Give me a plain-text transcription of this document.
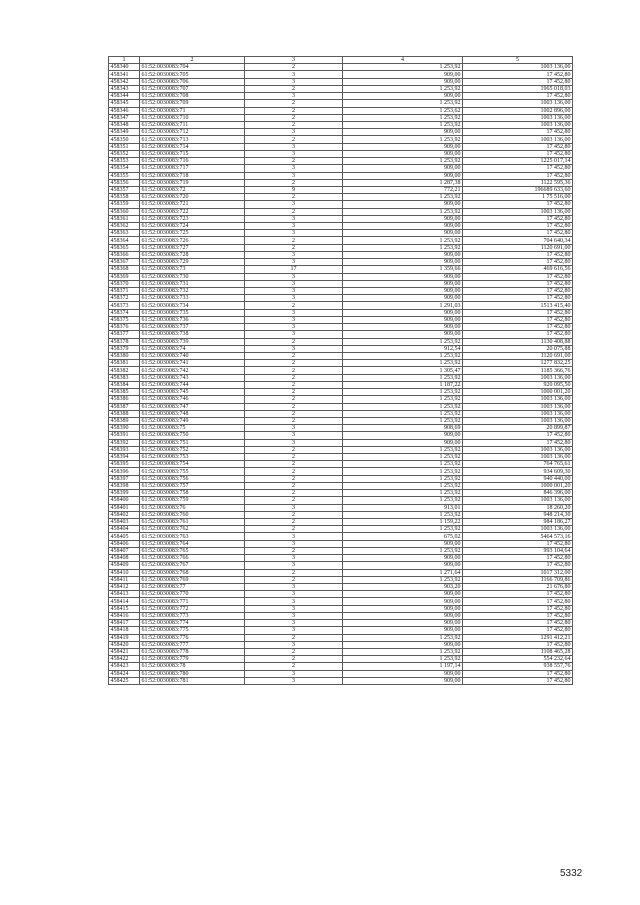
1	2	3	4	5
458340	61:52:0030083:704	2	1 253,92	1003 136,00
458341	61:52:0030083:705	3	909,00	17 452,80
458342	61:52:0030083:706	3	909,00	17 452,80
458343	61:52:0030083:707	2	1 253,92	1965 018,03
458344	61:52:0030083:708	3	909,00	17 452,80
458345	61:52:0030083:709	2	1 253,92	1003 136,00
458346	61:52:0030083:71	2	1 253,62	1002 896,00
458347	61:52:0030083:710	2	1 253,92	1003 136,00
458348	61:52:0030083:711	2	1 253,92	1003 136,00
458349	61:52:0030083:712	3	909,00	17 452,80
458350	61:52:0030083:713	2	1 253,92	1003 136,00
458351	61:52:0030083:714	3	909,00	17 452,80
458352	61:52:0030083:715	3	909,00	17 452,80
458353	61:52:0030083:716	2	1 253,92	1225 017,14
458354	61:52:0030083:717	3	909,00	17 452,80
458355	61:52:0030083:718	3	909,00	17 452,80
458356	61:52:0030083:719	2	1 287,38	1122 595,36
458357	61:52:0030083:72	9	772,21	196689 633,60
458358	61:52:0030083:720	2	1 253,92	1 75 516,00
458359	61:52:0030083:721	3	909,00	17 452,80
458360	61:52:0030083:722	2	1 253,92	1003 136,00
458361	61:52:0030083:723	3	909,00	17 452,80
458362	61:52:0030083:724	3	909,00	17 452,80
458363	61:52:0030083:725	3	909,00	17 452,80
458364	61:52:0030083:726	2	1 253,92	704 640,34
458365	61:52:0030083:727	2	1 253,92	1120 691,00
458366	61:52:0030083:728	3	909,00	17 452,80
458367	61:52:0030083:729	3	909,00	17 452,80
458368	61:52:0030083:73	17	1 359,66	469 616,56
458369	61:52:0030083:730	3	909,00	17 452,80
458370	61:52:0030083:731	3	909,00	17 452,80
458371	61:52:0030083:732	3	909,00	17 452,80
458372	61:52:0030083:733	3	909,00	17 452,80
458373	61:52:0030083:734	2	1 291,03	1513 415,40
458374	61:52:0030083:735	3	909,00	17 452,80
458375	61:52:0030083:736	3	909,00	17 452,80
458376	61:52:0030083:737	3	909,00	17 452,80
458377	61:52:0030083:738	3	909,00	17 452,80
458378	61:52:0030083:739	2	1 253,92	1130 408,88
458379	61:52:0030083:74	3	912,54	20 075,88
458380	61:52:0030083:740	2	1 253,92	1120 691,00
458381	61:52:0030083:741	2	1 253,92	1277 832,25
458382	61:52:0030083:742	2	1 305,47	1185 366,76
458383	61:52:0030083:743	2	1 253,92	1003 136,00
458384	61:52:0030083:744	2	1 187,22	920 095,50
458385	61:52:0030083:745	2	1 253,92	1000 001,20
458386	61:52:0030083:746	2	1 253,92	1003 136,00
458387	61:52:0030083:747	2	1 253,92	1003 136,00
458388	61:52:0030083:748	2	1 253,92	1003 136,00
458389	61:52:0030083:749	2	1 253,92	1003 136,00
458390	61:52:0030083:75	3	908,69	20 899,87
458391	61:52:0030083:750	3	909,00	17 452,80
458392	61:52:0030083:751	3	909,00	17 452,80
458393	61:52:0030083:752	2	1 253,92	1003 136,00
458394	61:52:0030083:753	2	1 253,92	1003 136,00
458395	61:52:0030083:754	2	1 253,92	764 765,61
458396	61:52:0030083:755	2	1 253,92	934 609,30
458397	61:52:0030083:756	2	1 253,92	940 440,00
458398	61:52:0030083:757	2	1 253,92	1000 001,20
458399	61:52:0030083:758	2	1 253,92	846 396,00
458400	61:52:0030083:759	2	1 253,92	1003 136,00
458401	61:52:0030083:76	3	913,01	18 260,20
458402	61:52:0030083:760	2	1 253,92	948 214,30
458403	61:52:0030083:761	2	1 159,22	984 186,27
458404	61:52:0030083:762	2	1 253,92	1003 136,00
458405	61:52:0030083:763	3	675,02	5464 573,16
458406	61:52:0030083:764	3	909,00	17 452,80
458407	61:52:0030083:765	2	1 253,92	993 104,64
458408	61:52:0030083:766	3	909,00	17 452,80
458409	61:52:0030083:767	3	909,00	17 452,80
458410	61:52:0030083:768	2	1 271,64	1017 312,00
458411	61:52:0030083:769	2	1 253,92	1166 709,86
458412	61:52:0030083:77	3	903,20	21 676,80
458413	61:52:0030083:770	3	909,00	17 452,80
458414	61:52:0030083:771	3	909,00	17 452,80
458415	61:52:0030083:772	3	909,00	17 452,80
458416	61:52:0030083:773	3	909,00	17 452,80
458417	61:52:0030083:774	3	909,00	17 452,80
458418	61:52:0030083:775	3	909,00	17 452,80
458419	61:52:0030083:776	2	1 253,92	1291 412,21
458420	61:52:0030083:777	3	909,00	17 452,80
458421	61:52:0030083:778	2	1 253,92	1108 465,28
458422	61:52:0030083:779	2	1 253,92	554 232,64
458423	61:52:0030083:78	2	1 197,14	938 557,76
458424	61:52:0030083:780	3	909,00	17 452,80
458425	61:52:0030083:781	3	909,00	17 452,80
5332
